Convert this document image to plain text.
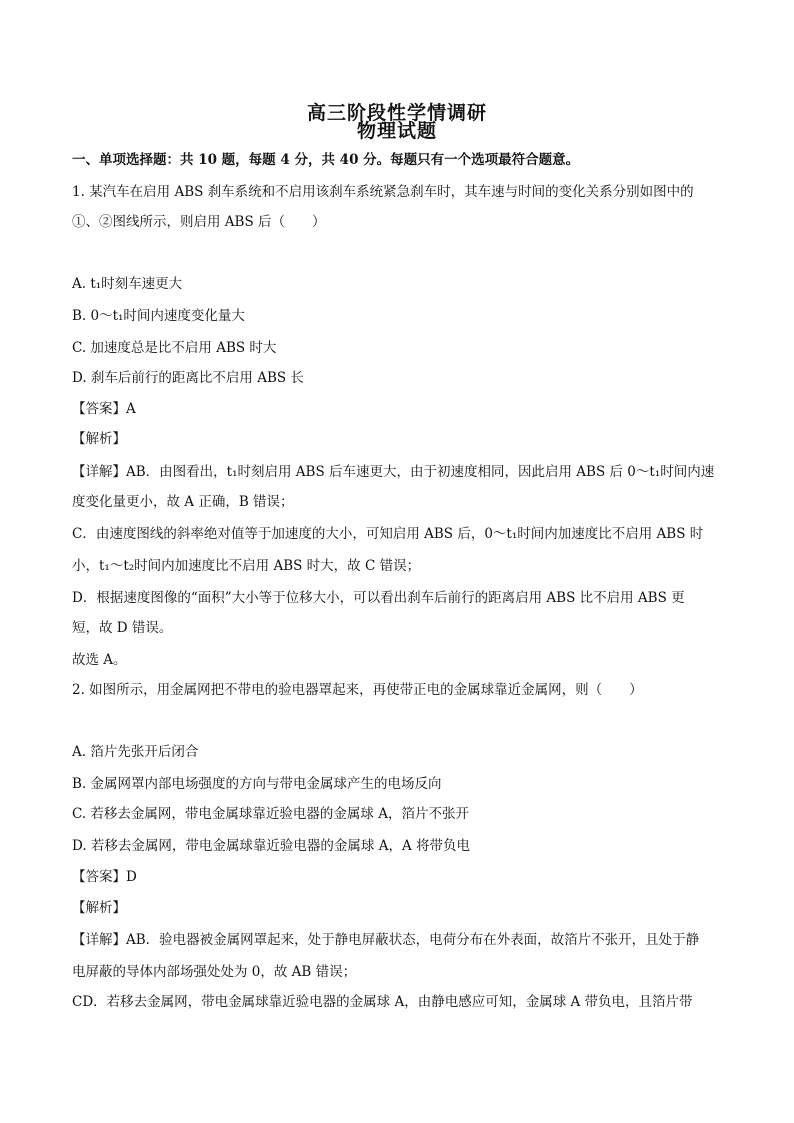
高三阶段性学情调研
物理试题
一、单项选择题：共 10 题，每题 4 分，共 40 分。每题只有一个选项最符合题意。
1. 某汽车在启用 ABS 刹车系统和不启用该刹车系统紧急刹车时，其车速与时间的变化关系分别如图中的
①、②图线所示，则启用 ABS 后（　　）
A. t₁时刻车速更大
B. 0～t₁时间内速度变化量大
C. 加速度总是比不启用 ABS 时大
D. 刹车后前行的距离比不启用 ABS 长
【答案】A
【解析】
【详解】AB．由图看出，t₁时刻启用 ABS 后车速更大，由于初速度相同，因此启用 ABS 后 0～t₁时间内速
度变化量更小，故 A 正确，B 错误；
C．由速度图线的斜率绝对值等于加速度的大小，可知启用 ABS 后，0～t₁时间内加速度比不启用 ABS 时
小，t₁～t₂时间内加速度比不启用 ABS 时大，故 C 错误；
D．根据速度图像的“面积”大小等于位移大小，可以看出刹车后前行的距离启用 ABS 比不启用 ABS 更
短，故 D 错误。
故选 A。
2. 如图所示，用金属网把不带电的验电器罩起来，再使带正电的金属球靠近金属网，则（　　）
A. 箔片先张开后闭合
B. 金属网罩内部电场强度的方向与带电金属球产生的电场反向
C. 若移去金属网，带电金属球靠近验电器的金属球 A，箔片不张开
D. 若移去金属网，带电金属球靠近验电器的金属球 A，A 将带负电
【答案】D
【解析】
【详解】AB．验电器被金属网罩起来，处于静电屏蔽状态，电荷分布在外表面，故箔片不张开，且处于静
电屏蔽的导体内部场强处处为 0，故 AB 错误；
CD．若移去金属网，带电金属球靠近验电器的金属球 A，由静电感应可知，金属球 A 带负电，且箔片带
